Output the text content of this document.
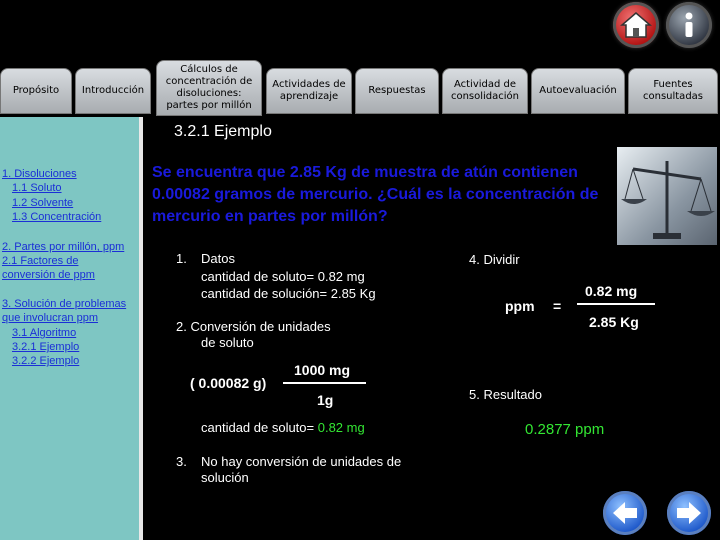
Propósito Introducción
Cálculos de concentración de disoluciones: partes por millón
Actividades de aprendizaje
Respuestas
Actividad de consolidación
Autoevaluación
Fuentes consultadas
1. Disoluciones
1.1 Soluto
1.2 Solvente
1.3 Concentración
2. Partes por millón, ppm
2.1 Factores de conversión de ppm
3. Solución de problemas que involucran ppm
3.1 Algoritmo
3.2.1 Ejemplo
3.2.2 Ejemplo
3.2.1 Ejemplo
Se encuentra que 2.85 Kg de muestra de atún contienen 0.00082 gramos de mercurio. ¿Cuál es la concentración de mercurio en partes por millón?
1. Datos
cantidad de soluto= 0.82 mg
cantidad de solución= 2.85 Kg
2. Conversión de unidades
de soluto
( 0.00082 g)
1000 mg
1g
cantidad de soluto= 0.82 mg
3. No hay conversión de unidades de solución
4. Dividir
ppm =
0.82 mg
2.85 Kg
5. Resultado
0.2877 ppm
